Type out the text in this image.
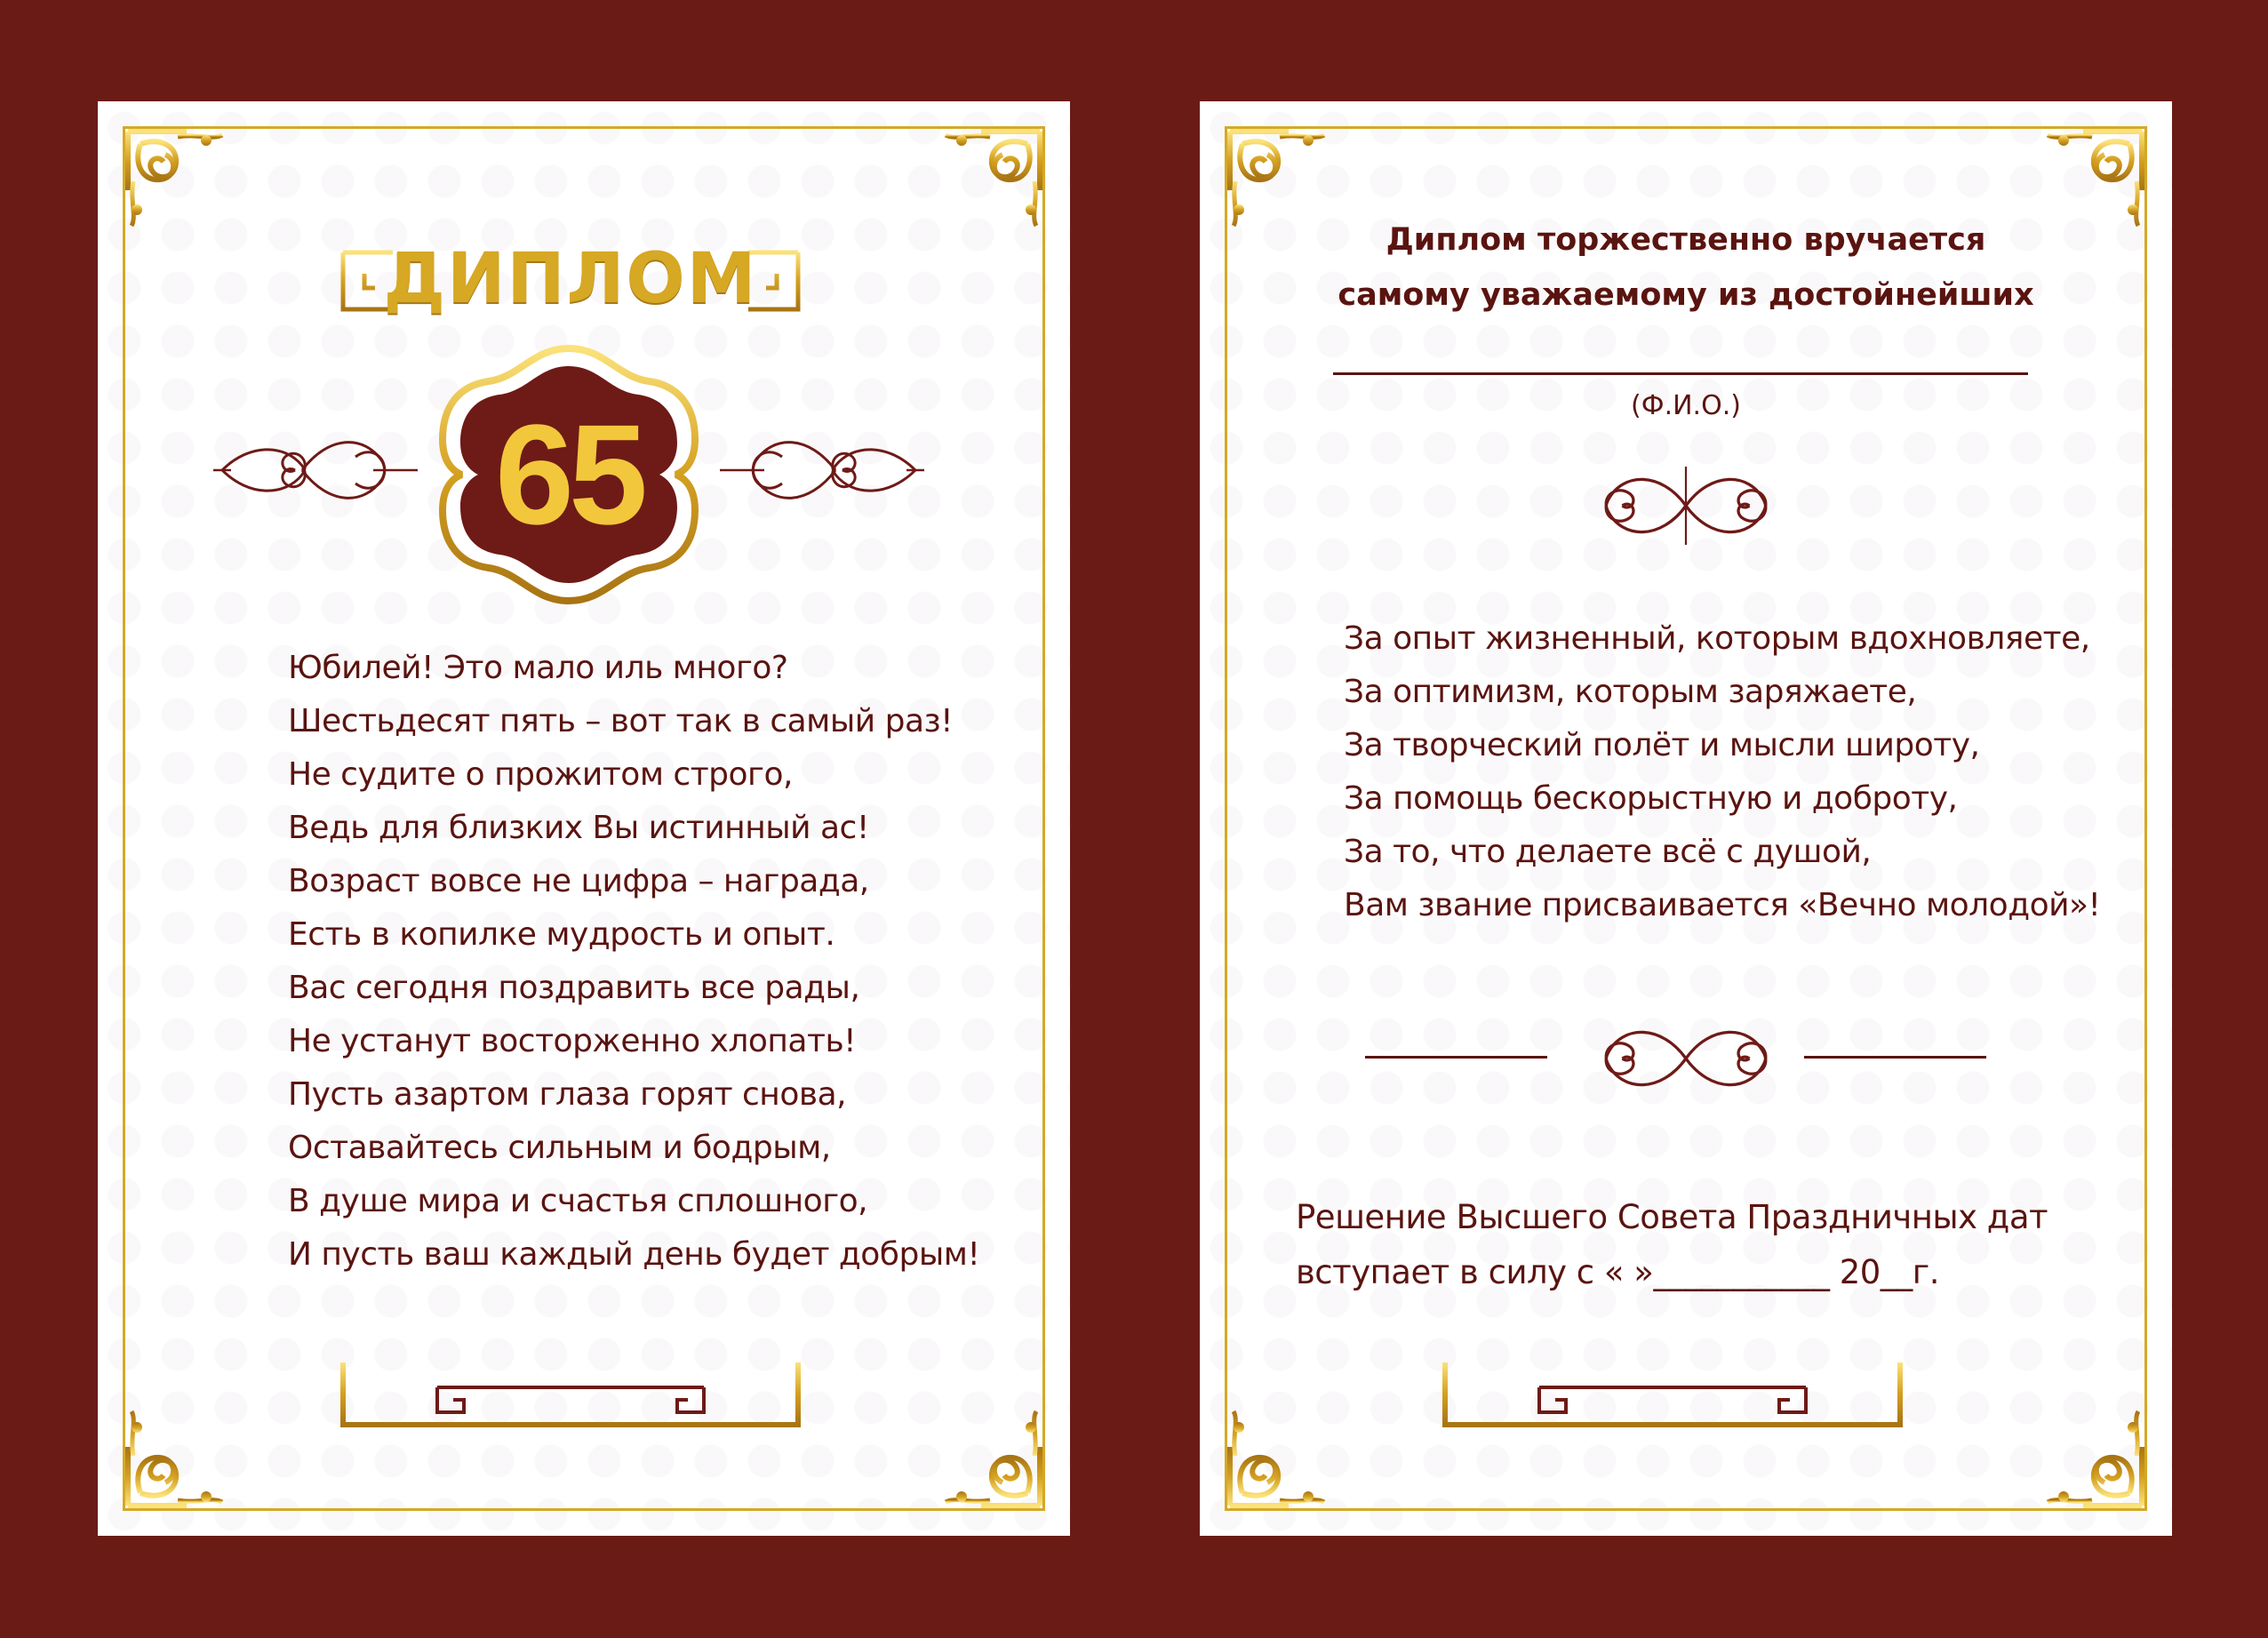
ДИПЛОМ
65
Юбилей! Это мало иль много?
Шестьдесят пять – вот так в самый раз!
Не судите о прожитом строго,
Ведь для близких Вы истинный ас!
Возраст вовсе не цифра – награда,
Есть в копилке мудрость и опыт.
Вас сегодня поздравить все рады,
Не устанут восторженно хлопать!
Пусть азартом глаза горят снова,
Оставайтесь сильным и бодрым,
В душе мира и счастья сплошного,
И пусть ваш каждый день будет добрым!
Диплом торжественно вручается
самому уважаемому из достойнейших
(Ф.И.О.)
За опыт жизненный, которым вдохновляете,
За оптимизм, которым заряжаете,
За творческий полёт и мысли широту,
За помощь бескорыстную и доброту,
За то, что делаете всё с душой,
Вам звание присваивается «Вечно молодой»!
Решение Высшего Совета Праздничных дат
вступает в силу с « »___________ 20__г.
